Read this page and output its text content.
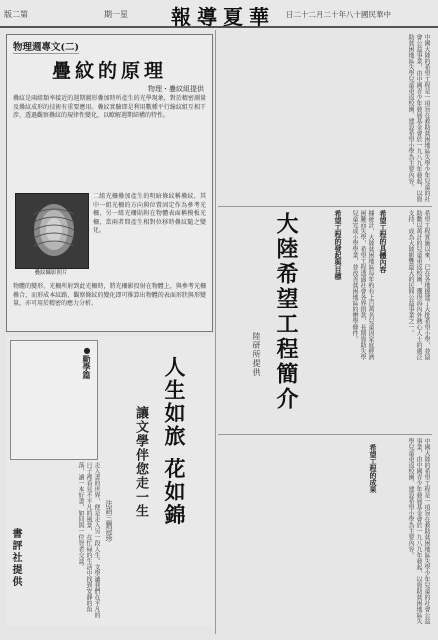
版二第	期一星	報導夏華	日二十二月二十年八十國民華中
物理週專文(二)
疊紋的原理
物理・疊紋組提供
疊紋是兩組類率接近的週期圖形疊加時所產生的光學現象，對於精密測量及疊紋成形的技術有重要應用。疊紋實驗即是利用數種平行線紋組互相干涉，透過觀察疊紋的規律性變化，以瞭解週期結構的特性。
疊紋攝影照片
二組光柵疊加產生的明暗條紋稱疊紋，其中一組光柵的方向與位置固定作為參考光柵，另一組光柵貼附在物體表面稱模板光柵，當兩者間產生相對位移時疊紋隨之變化。
物體的變形，光柵所射到此光柵時，將光柵影投射在物體上，與參考光柵疊合，而形成本紋路，觀察條紋的變化即可推算出物體的表面形狀與形變量，亦可用於精密的應力分析。
●勤學篇
走入書的世界，便是走入另一段人生。文學讓我們在平凡的日子裡看見不平凡的風景，在忙碌的生活中找到安靜的角落，讀一本好書，如同與一位智者交談。	人生如旅 花如錦
讓文學伴您走一生
法語三劉冠珍
書評社提供
中國大陸的希望工程是一項旨在救助貧困地區失學少年兒童的社會公益事業，由中國青少年發展基金會於一九八九年發起，以資助貧困地區失學兒童重返校園、建設希望小學為主要內容。
大陸希望工程簡介
陸研所提供
希望工程的發起與目標	據統計，大陸貧困地區每年約有上百萬名兒童因家庭經濟困難而失學，希望工程透過社會各界捐款，長期資助失學兒童完成小學學業，並改善貧困地區的辦學條件。	希望工程的具體內容	希望工程實施以來，已在各地援建了大批希望小學，並協助數以萬計的兒童重返校園，獲得海內外熱心人士的廣泛支持，成為大陸影響最大的民間公益事業之一。
中國大陸的希望工程是一項旨在救助貧困地區失學少年兒童的社會公益事業，由中國青少年發展基金會於一九八九年發起，以資助貧困地區失學兒童重返校園、建設希望小學為主要內容。
希望工程的成果
